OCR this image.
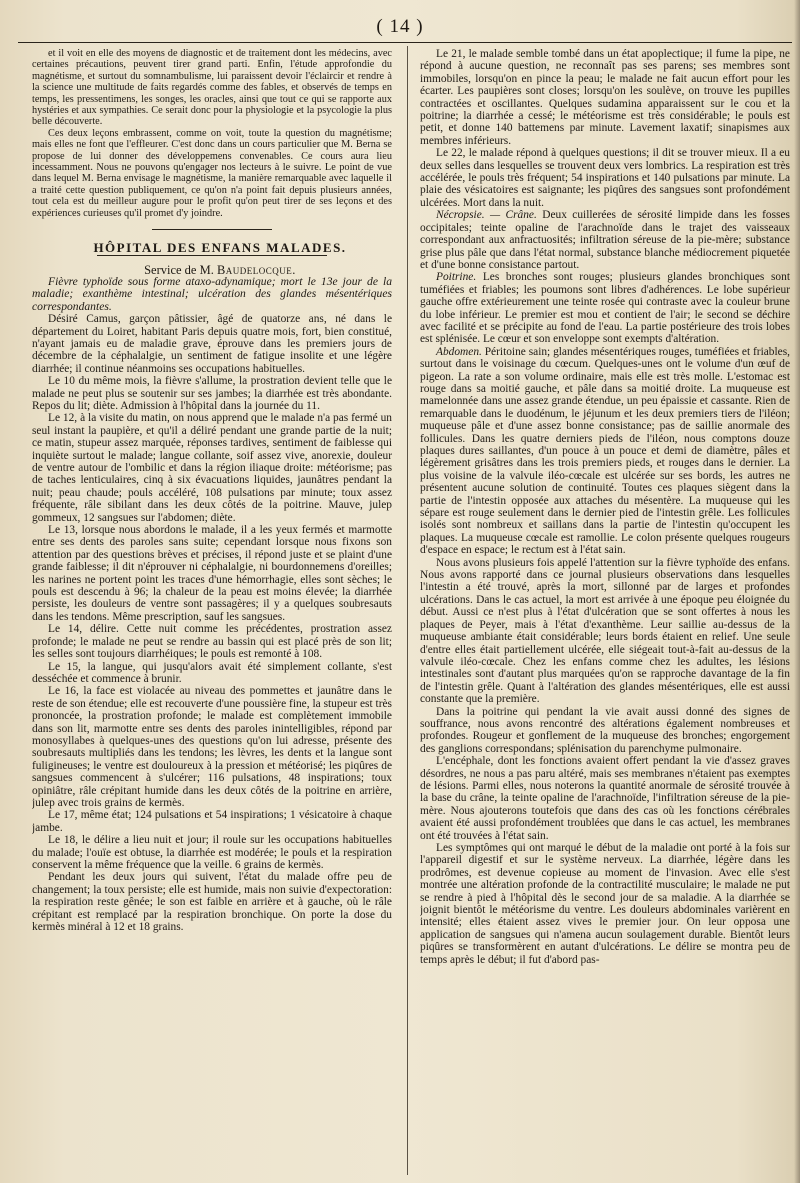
( 14 )

et il voit en elle des moyens de diagnostic et de traitement dont les médecins, avec certaines précautions, peuvent tirer grand parti. Enfin, l'étude approfondie du magnétisme, et surtout du somnambulisme, lui paraissent devoir l'éclaircir et rendre à la science une multitude de faits regardés comme des fables, et observés de temps en temps, les pressentimens, les songes, les oracles, ainsi que tout ce qui se rapporte aux hystéries et aux sympathies. Ce serait donc pour la physiologie et la psycologie la plus belle découverte.

Ces deux leçons embrassent, comme on voit, toute la question du magnétisme; mais elles ne font que l'effleurer. C'est donc dans un cours particulier que M. Berna se propose de lui donner des développemens convenables. Ce cours aura lieu incessamment. Nous ne pouvons qu'engager nos lecteurs à le suivre. Le point de vue dans lequel M. Berna envisage le magnétisme, la manière remarquable avec laquelle il a traité cette question publiquement, ce qu'on n'a point fait depuis plusieurs années, tout cela est du meilleur augure pour le profit qu'on peut tirer de ses leçons et des expériences curieuses qu'il promet d'y joindre.

HÔPITAL DES ENFANS MALADES.

Service de M. Baudelocque.

Fièvre typhoïde sous forme ataxo-adynamique; mort le 13e jour de la maladie; exanthème intestinal; ulcération des glandes mésentériques correspondantes.

Désiré Camus, garçon pâtissier, âgé de quatorze ans, né dans le département du Loiret, habitant Paris depuis quatre mois, fort, bien constitué, n'ayant jamais eu de maladie grave, éprouve dans les premiers jours de décembre de la céphalalgie, un sentiment de fatigue insolite et une légère diarrhée; il continue néanmoins ses occupations habituelles.

Le 10 du même mois, la fièvre s'allume, la prostration devient telle que le malade ne peut plus se soutenir sur ses jambes; la diarrhée est très abondante. Repos du lit; diète. Admission à l'hôpital dans la journée du 11.

Le 12, à la visite du matin, on nous apprend que le malade n'a pas fermé un seul instant la paupière, et qu'il a déliré pendant une grande partie de la nuit; ce matin, stupeur assez marquée, réponses tardives, sentiment de faiblesse qui inquiète surtout le malade; langue collante, soif assez vive, anorexie, douleur de ventre autour de l'ombilic et dans la région iliaque droite: météorisme; pas de taches lenticulaires, cinq à six évacuations liquides, jaunâtres pendant la nuit; peau chaude; pouls accéléré, 108 pulsations par minute; toux assez fréquente, râle sibilant dans les deux côtés de la poitrine. Mauve, julep gommeux, 12 sangsues sur l'abdomen; diète.

Le 13, lorsque nous abordons le malade, il a les yeux fermés et marmotte entre ses dents des paroles sans suite; cependant lorsque nous fixons son attention par des questions brèves et précises, il répond juste et se plaint d'une grande faiblesse; il dit n'éprouver ni céphalalgie, ni bourdonnemens d'oreilles; les narines ne portent point les traces d'une hémorrhagie, elles sont sèches; le pouls est descendu à 96; la chaleur de la peau est moins élevée; la diarrhée persiste, les douleurs de ventre sont passagères; il y a quelques soubresauts dans les tendons. Même prescription, sauf les sangsues.

Le 14, délire. Cette nuit comme les précédentes, prostration assez profonde; le malade ne peut se rendre au bassin qui est placé près de son lit; les selles sont toujours diarrhéiques; le pouls est remonté à 108.

Le 15, la langue, qui jusqu'alors avait été simplement collante, s'est desséchée et commence à brunir.

Le 16, la face est violacée au niveau des pommettes et jaunâtre dans le reste de son étendue; elle est recouverte d'une poussière fine, la stupeur est très prononcée, la prostration profonde; le malade est complètement immobile dans son lit, marmotte entre ses dents des paroles inintelligibles, répond par monosyllabes à quelques-unes des questions qu'on lui adresse, présente des soubresauts multipliés dans les tendons; les lèvres, les dents et la langue sont fuligineuses; le ventre est douloureux à la pression et météorisé; les piqûres de sangsues commencent à s'ulcérer; 116 pulsations, 48 inspirations; toux opiniâtre, râle crépitant humide dans les deux côtés de la poitrine en arrière, julep avec trois grains de kermès.

Le 17, même état; 124 pulsations et 54 inspirations; 1 vésicatoire à chaque jambe.

Le 18, le délire a lieu nuit et jour; il roule sur les occupations habituelles du malade; l'ouïe est obtuse, la diarrhée est modérée; le pouls et la respiration conservent la même fréquence que la veille. 6 grains de kermès.

Pendant les deux jours qui suivent, l'état du malade offre peu de changement; la toux persiste; elle est humide, mais non suivie d'expectoration: la respiration reste gênée; le son est faible en arrière et à gauche, où le râle crépitant est remplacé par la respiration bronchique. On porte la dose du kermès minéral à 12 et 18 grains.

Le 21, le malade semble tombé dans un état apoplectique; il fume la pipe, ne répond à aucune question, ne reconnaît pas ses parens; ses membres sont immobiles, lorsqu'on en pince la peau; le malade ne fait aucun effort pour les écarter. Les paupières sont closes; lorsqu'on les soulève, on trouve les pupilles contractées et oscillantes. Quelques sudamina apparaissent sur le cou et la poitrine; la diarrhée a cessé; le météorisme est très considérable; le pouls est petit, et donne 140 battemens par minute. Lavement laxatif; sinapismes aux membres inférieurs.

Le 22, le malade répond à quelques questions; il dit se trouver mieux. Il a eu deux selles dans lesquelles se trouvent deux vers lombrics. La respiration est très accélérée, le pouls très fréquent; 54 inspirations et 140 pulsations par minute. La plaie des vésicatoires est saignante; les piqûres des sangsues sont profondément ulcérées. Mort dans la nuit.

Nécropsie. — Crâne. Deux cuillerées de sérosité limpide dans les fosses occipitales; teinte opaline de l'arachnoïde dans le trajet des vaisseaux correspondant aux anfractuosités; infiltration séreuse de la pie-mère; substance grise plus pâle que dans l'état normal, substance blanche médiocrement piquetée et d'une bonne consistance partout.

Poitrine. Les bronches sont rouges; plusieurs glandes bronchiques sont tuméfiées et friables; les poumons sont libres d'adhérences. Le lobe supérieur gauche offre extérieurement une teinte rosée qui contraste avec la couleur brune du lobe inférieur. Le premier est mou et contient de l'air; le second se déchire avec facilité et se précipite au fond de l'eau. La partie postérieure des trois lobes est splénisée. Le cœur et son enveloppe sont exempts d'altération.

Abdomen. Péritoine sain; glandes mésentériques rouges, tuméfiées et friables, surtout dans le voisinage du cœcum. Quelques-unes ont le volume d'un œuf de pigeon. La rate a son volume ordinaire, mais elle est très molle. L'estomac est rouge dans sa moitié gauche, et pâle dans sa moitié droite. La muqueuse est mamelonnée dans une assez grande étendue, un peu épaissie et cassante. Rien de remarquable dans le duodénum, le jéjunum et les deux premiers tiers de l'iléon; muqueuse pâle et d'une assez bonne consistance; pas de saillie anormale des follicules. Dans les quatre derniers pieds de l'iléon, nous comptons douze plaques dures saillantes, d'un pouce à un pouce et demi de diamètre, pâles et légèrement grisâtres dans les trois premiers pieds, et rouges dans le dernier. La plus voisine de la valvule iléo-cœcale est ulcérée sur ses bords, les autres ne présentent aucune solution de continuité. Toutes ces plaques siègent dans la partie de l'intestin opposée aux attaches du mésentère. La muqueuse qui les sépare est rouge seulement dans le dernier pied de l'intestin grêle. Les follicules isolés sont nombreux et saillans dans la partie de l'intestin qu'occupent les plaques. La muqueuse cœcale est ramollie. Le colon présente quelques rougeurs d'espace en espace; le rectum est à l'état sain.

Nous avons plusieurs fois appelé l'attention sur la fièvre typhoïde des enfans. Nous avons rapporté dans ce journal plusieurs observations dans lesquelles l'intestin a été trouvé, après la mort, sillonné par de larges et profondes ulcérations. Dans le cas actuel, la mort est arrivée à une époque peu éloignée du début. Aussi ce n'est plus à l'état d'ulcération que se sont offertes à nous les plaques de Peyer, mais à l'état d'exanthème. Leur saillie au-dessus de la muqueuse ambiante était considérable; leurs bords étaient en relief. Une seule d'entre elles était partiellement ulcérée, elle siégeait tout-à-fait au-dessus de la valvule iléo-cœcale. Chez les enfans comme chez les adultes, les lésions intestinales sont d'autant plus marquées qu'on se rapproche davantage de la fin de l'intestin grêle. Quant à l'altération des glandes mésentériques, elle est aussi constante que la première.

Dans la poitrine qui pendant la vie avait aussi donné des signes de souffrance, nous avons rencontré des altérations également nombreuses et profondes. Rougeur et gonflement de la muqueuse des bronches; engorgement des ganglions correspondans; splénisation du parenchyme pulmonaire.

L'encéphale, dont les fonctions avaient offert pendant la vie d'assez graves désordres, ne nous a pas paru altéré, mais ses membranes n'étaient pas exemptes de lésions. Parmi elles, nous noterons la quantité anormale de sérosité trouvée à la base du crâne, la teinte opaline de l'arachnoïde, l'infiltration séreuse de la pie-mère. Nous ajouterons toutefois que dans des cas où les fonctions cérébrales avaient été aussi profondément troublées que dans le cas actuel, les membranes ont été trouvées à l'état sain.

Les symptômes qui ont marqué le début de la maladie ont porté à la fois sur l'appareil digestif et sur le système nerveux. La diarrhée, légère dans les prodrômes, est devenue copieuse au moment de l'invasion. Avec elle s'est montrée une altération profonde de la contractilité musculaire; le malade ne put se rendre à pied à l'hôpital dès le second jour de sa maladie. A la diarrhée se joignit bientôt le météorisme du ventre. Les douleurs abdominales varièrent en intensité; elles étaient assez vives le premier jour. On leur opposa une application de sangsues qui n'amena aucun soulagement durable. Bientôt leurs piqûres se transformèrent en autant d'ulcérations. Le délire se montra peu de temps après le début; il fut d'abord pas-
